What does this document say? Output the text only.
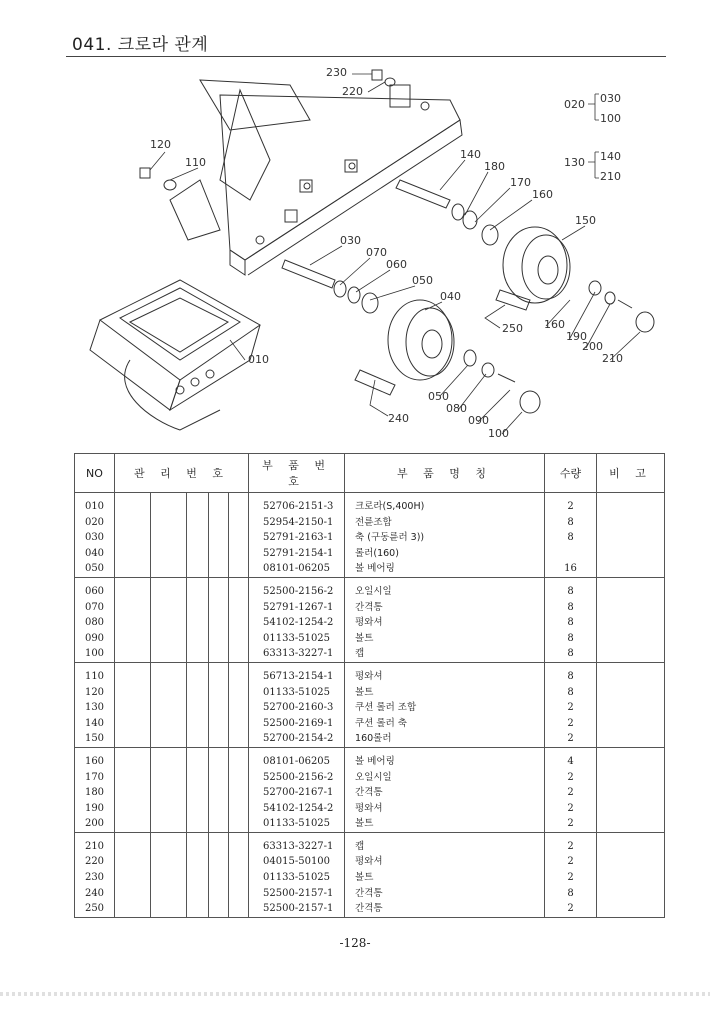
041. 크로라 관계
230
220
120
110
140
180
170
160
150
030
070
060
050
040
010
250 160
190
200
210
050
080
090
100
240
020 030
100
130 140
210
NO	관 리 번 호					부 품 번 호	부 품 명 칭	수량	비 고

010						52706-2151-3	크로라(S,400H)	2	
020						52954-2150-1	전륜조합	8	
030						52791-2163-1	축 (구동륜러 3))	8	
040						52791-2154-1	롤러(160)		
050						08101-06205	볼 베어링	16	

060						52500-2156-2	오일시일	8	
070						52791-1267-1	간격통	8	
080						54102-1254-2	평와셔	8	
090						01133-51025	볼트	8	
100						63313-3227-1	캡	8	

110						56713-2154-1	평와셔	8	
120						01133-51025	볼트	8	
130						52700-2160-3	쿠션 롤러 조합	2	
140						52500-2169-1	쿠션 롤러 축	2	
150						52700-2154-2	160롤러	2	

160						08101-06205	볼 베어링	4	
170						52500-2156-2	오일시일	2	
180						52700-2167-1	간격통	2	
190						54102-1254-2	평와셔	2	
200						01133-51025	볼트	2	

210						63313-3227-1	캡	2	
220						04015-50100	평와셔	2	
230						01133-51025	볼트	2	
240						52500-2157-1	간격통	8	
250						52500-2157-1	간격통	2	
-128-
